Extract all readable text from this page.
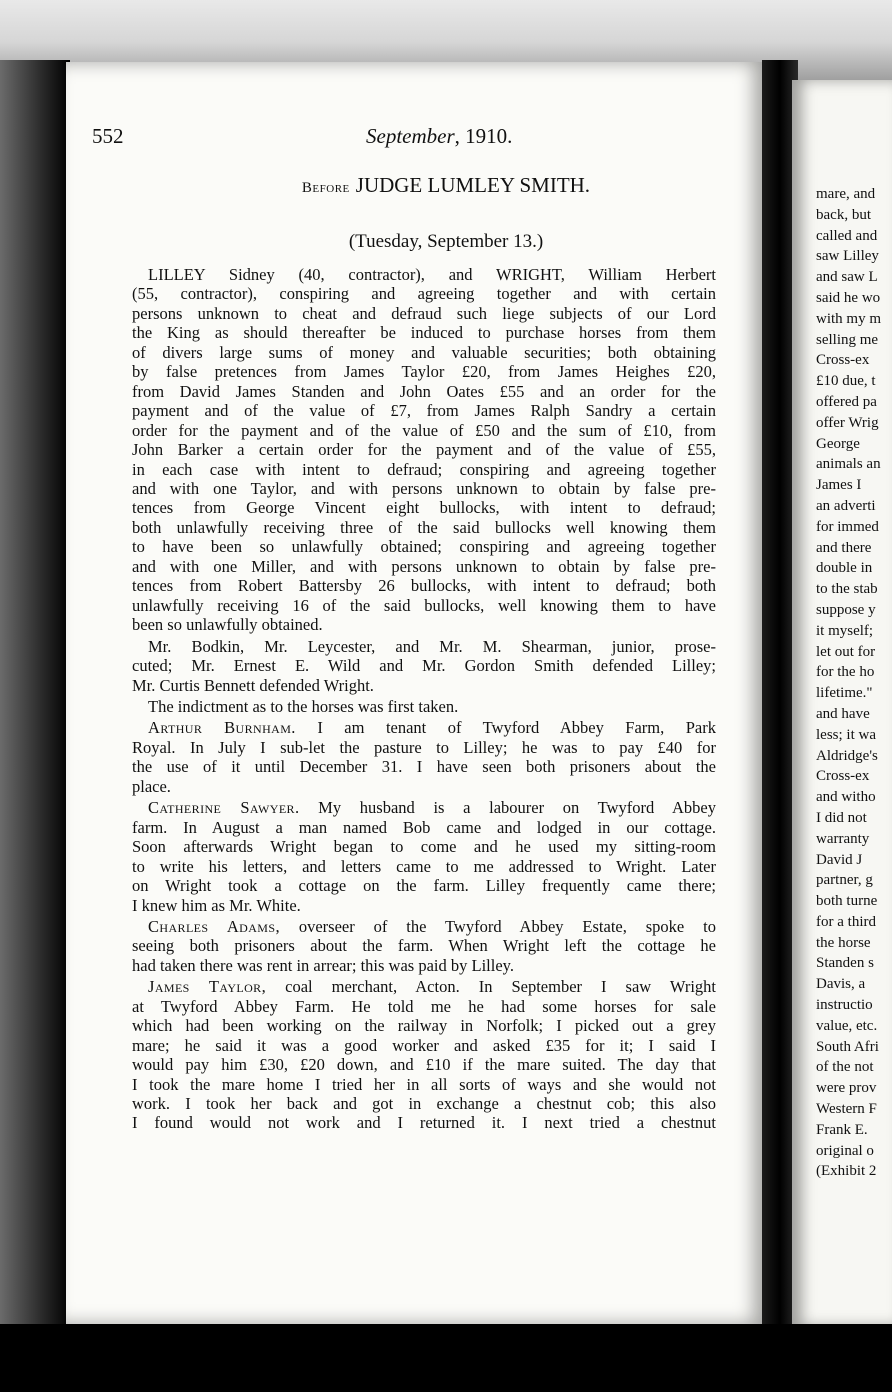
552	September, 1910.
Before JUDGE LUMLEY SMITH.
(Tuesday, September 13.)
LILLEY Sidney (40, contractor), and WRIGHT, William Herbert
(55, contractor), conspiring and agreeing together and with certain
persons unknown to cheat and defraud such liege subjects of our Lord
the King as should thereafter be induced to purchase horses from them
of divers large sums of money and valuable securities; both obtaining
by false pretences from James Taylor £20, from James Heighes £20,
from David James Standen and John Oates £55 and an order for the
payment and of the value of £7, from James Ralph Sandry a certain
order for the payment and of the value of £50 and the sum of £10, from
John Barker a certain order for the payment and of the value of £55,
in each case with intent to defraud; conspiring and agreeing together
and with one Taylor, and with persons unknown to obtain by false pre-
tences from George Vincent eight bullocks, with intent to defraud;
both unlawfully receiving three of the said bullocks well knowing them
to have been so unlawfully obtained; conspiring and agreeing together
and with one Miller, and with persons unknown to obtain by false pre-
tences from Robert Battersby 26 bullocks, with intent to defraud; both
unlawfully receiving 16 of the said bullocks, well knowing them to have
been so unlawfully obtained.
Mr. Bodkin, Mr. Leycester, and Mr. M. Shearman, junior, prose-
cuted; Mr. Ernest E. Wild and Mr. Gordon Smith defended Lilley;
Mr. Curtis Bennett defended Wright.
The indictment as to the horses was first taken.
Arthur Burnham. I am tenant of Twyford Abbey Farm, Park
Royal. In July I sub-let the pasture to Lilley; he was to pay £40 for
the use of it until December 31. I have seen both prisoners about the
place.
Catherine Sawyer. My husband is a labourer on Twyford Abbey
farm. In August a man named Bob came and lodged in our cottage.
Soon afterwards Wright began to come and he used my sitting-room
to write his letters, and letters came to me addressed to Wright. Later
on Wright took a cottage on the farm. Lilley frequently came there;
I knew him as Mr. White.
Charles Adams, overseer of the Twyford Abbey Estate, spoke to
seeing both prisoners about the farm. When Wright left the cottage he
had taken there was rent in arrear; this was paid by Lilley.
James Taylor, coal merchant, Acton. In September I saw Wright
at Twyford Abbey Farm. He told me he had some horses for sale
which had been working on the railway in Norfolk; I picked out a grey
mare; he said it was a good worker and asked £35 for it; I said I
would pay him £30, £20 down, and £10 if the mare suited. The day that
I took the mare home I tried her in all sorts of ways and she would not
work. I took her back and got in exchange a chestnut cob; this also
I found would not work and I returned it. I next tried a chestnut
mare, and
back, but
called and
saw Lilley
and saw L
said he wo
with my m
selling me
Cross-ex
£10 due, t
offered pa
offer Wrig
George
animals an
James I
an adverti
for immed
and there
double in
to the stab
suppose y
it myself;
let out for
for the ho
lifetime."
and have
less; it wa
Aldridge's
Cross-ex
and witho
I did not
warranty
David J
partner, g
both turne
for a third
the horse
Standen s
Davis, a
instructio
value, etc.
South Afri
of the not
were prov
Western F
Frank E.
original o
(Exhibit 2
